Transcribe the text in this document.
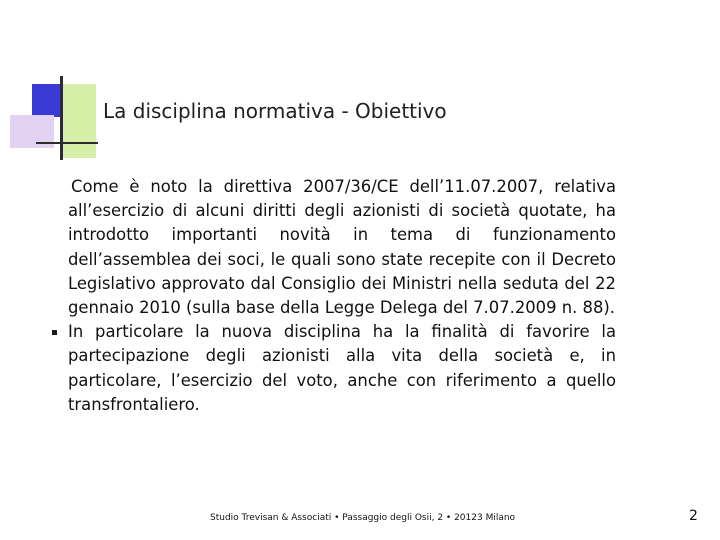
La disciplina normativa - Obiettivo

Come è noto la direttiva 2007/36/CE dell’11.07.2007, relativa all’esercizio di alcuni diritti degli azionisti di società quotate, ha introdotto importanti novità in tema di funzionamento dell’assemblea dei soci, le quali sono state recepite con il Decreto Legislativo approvato dal Consiglio dei Ministri nella seduta del 22 gennaio 2010 (sulla base della Legge Delega del 7.07.2009 n. 88).

In particolare la nuova disciplina ha la finalità di favorire la partecipazione degli azionisti alla vita della società e, in particolare, l’esercizio del voto, anche con riferimento a quello transfrontaliero.
Studio Trevisan & Associati • Passaggio degli Osii, 2 • 20123 Milano	2
